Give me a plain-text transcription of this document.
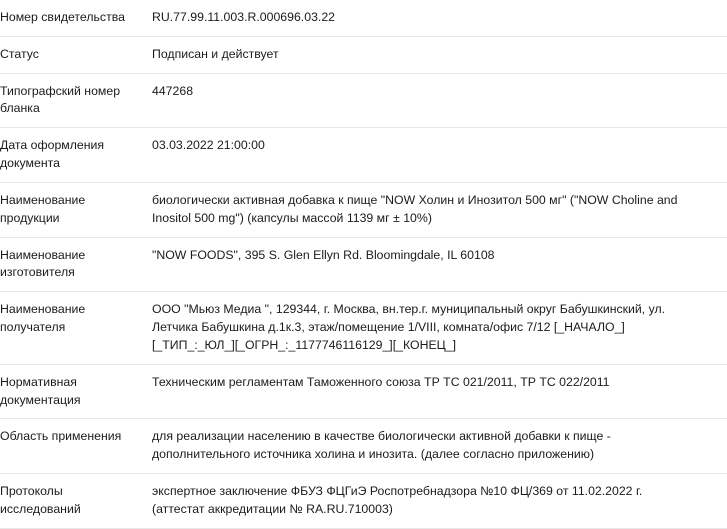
Номер свидетельства	RU.77.99.11.003.R.000696.03.22

Статус	Подписан и действует

Типографский номер бланка	447268

Дата оформления документа	03.03.2022 21:00:00

Наименование продукции	биологически активная добавка к пище "NOW Холин и Инозитол 500 мг" ("NOW Choline and
Inositol 500 mg") (капсулы массой 1139 мг ± 10%)

Наименование изготовителя	"NOW FOODS", 395 S. Glen Ellyn Rd. Bloomingdale, IL 60108

Наименование получателя	ООО "Мьюз Медиа ", 129344, г. Москва, вн.тер.г. муниципальный округ Бабушкинский, ул.
Летчика Бабушкина д.1к.3, этаж/помещение 1/VIII, комната/офис 7/12 [_НАЧАЛО_]
[_ТИП_:_ЮЛ_][_ОГРН_:_1177746116129_][_КОНЕЦ_]

Нормативная документация	Техническим регламентам Таможенного союза ТР ТС 021/2011, ТР ТС 022/2011

Область применения	для реализации населению в качестве биологически активной добавки к пище -
дополнительного источника холина и инозита. (далее согласно приложению)

Протоколы исследований	экспертное заключение ФБУЗ ФЦГиЭ Роспотребнадзора №10 ФЦ/369 от 11.02.2022 г.
(аттестат аккредитации № RA.RU.710003)
